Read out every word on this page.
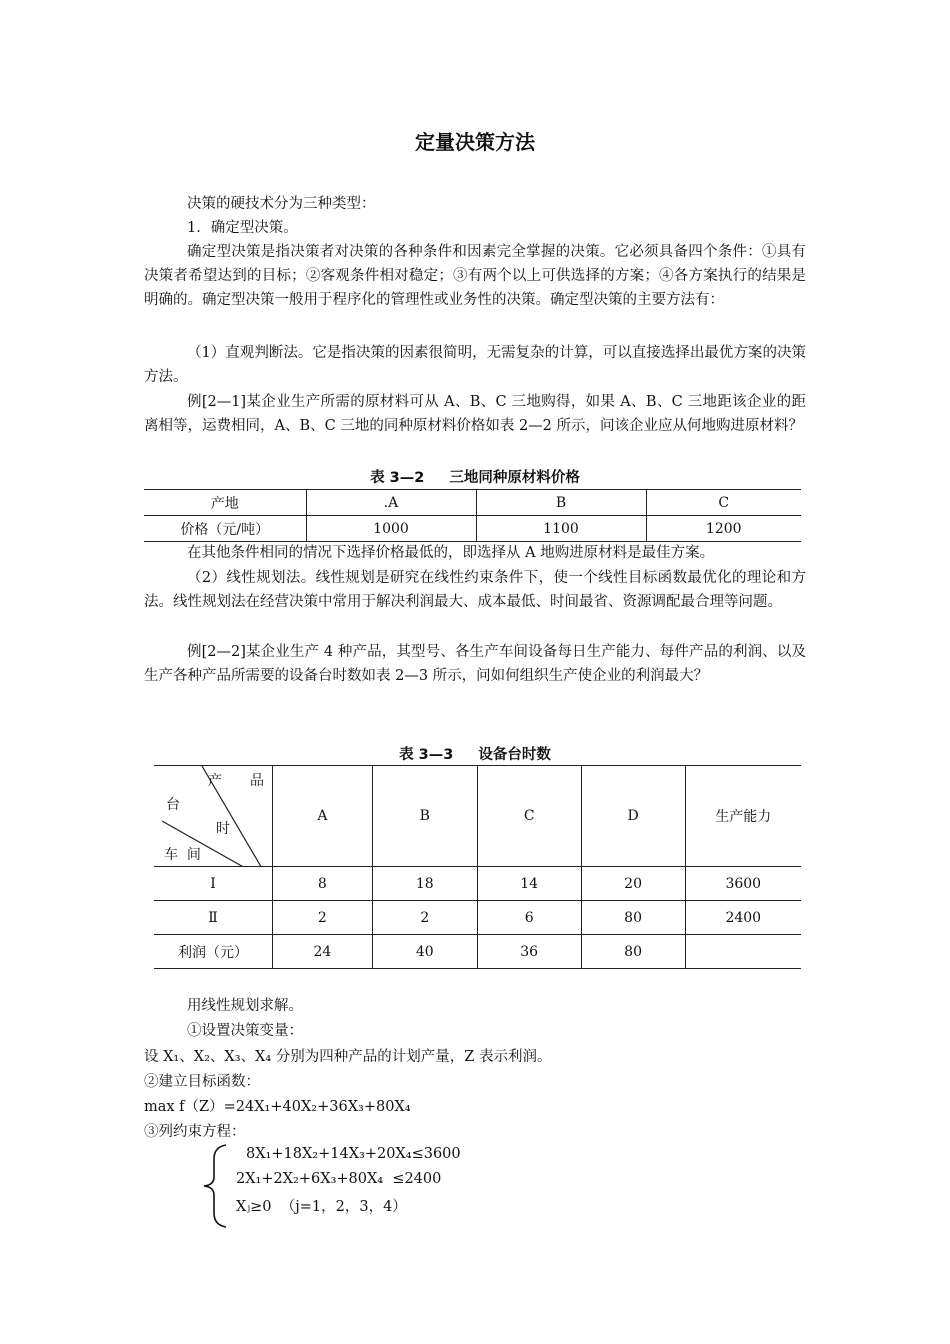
定量决策方法
决策的硬技术分为三种类型：
1．确定型决策。
确定型决策是指决策者对决策的各种条件和因素完全掌握的决策。它必须具备四个条件：①具有决策者希望达到的目标；②客观条件相对稳定；③有两个以上可供选择的方案；④各方案执行的结果是明确的。确定型决策一般用于程序化的管理性或业务性的决策。确定型决策的主要方法有：
（1）直观判断法。它是指决策的因素很简明，无需复杂的计算，可以直接选择出最优方案的决策方法。
例[2—1]某企业生产所需的原材料可从 A、B、C 三地购得，如果 A、B、C 三地距该企业的距离相等，运费相同，A、B、C 三地的同种原材料价格如表 2—2 所示，问该企业应从何地购进原材料？
表 3—2 三地同种原材料价格
产地	.A	B	C
价格（元/吨）	1000	1100	1200
在其他条件相同的情况下选择价格最低的，即选择从 A 地购进原材料是最佳方案。
（2）线性规划法。线性规划是研究在线性约束条件下，使一个线性目标函数最优化的理论和方法。线性规划法在经营决策中常用于解决利润最大、成本最低、时间最省、资源调配最合理等问题。
例[2—2]某企业生产 4 种产品，其型号、各生产车间设备每日生产能力、每件产品的利润、以及生产各种产品所需要的设备台时数如表 2—3 所示，问如何组织生产使企业的利润最大？
表 3—3 设备台时数
产 品
台
时
车  间	A	B	C	D	生产能力
Ⅰ	8	18	14	20	3600
Ⅱ	2	2	6	80	2400
利润（元）	24	40	36	80	
用线性规划求解。
①设置决策变量：
设 X₁、X₂、X₃、X₄ 分别为四种产品的计划产量，Z 表示利润。
②建立目标函数：
max f（Z）=24X₁+40X₂+36X₃+80X₄
③列约束方程：
8X₁+18X₂+14X₃+20X₄≤3600
2X₁+2X₂+6X₃+80X₄  ≤2400
Xⱼ≥0  （j=1，2，3，4）
